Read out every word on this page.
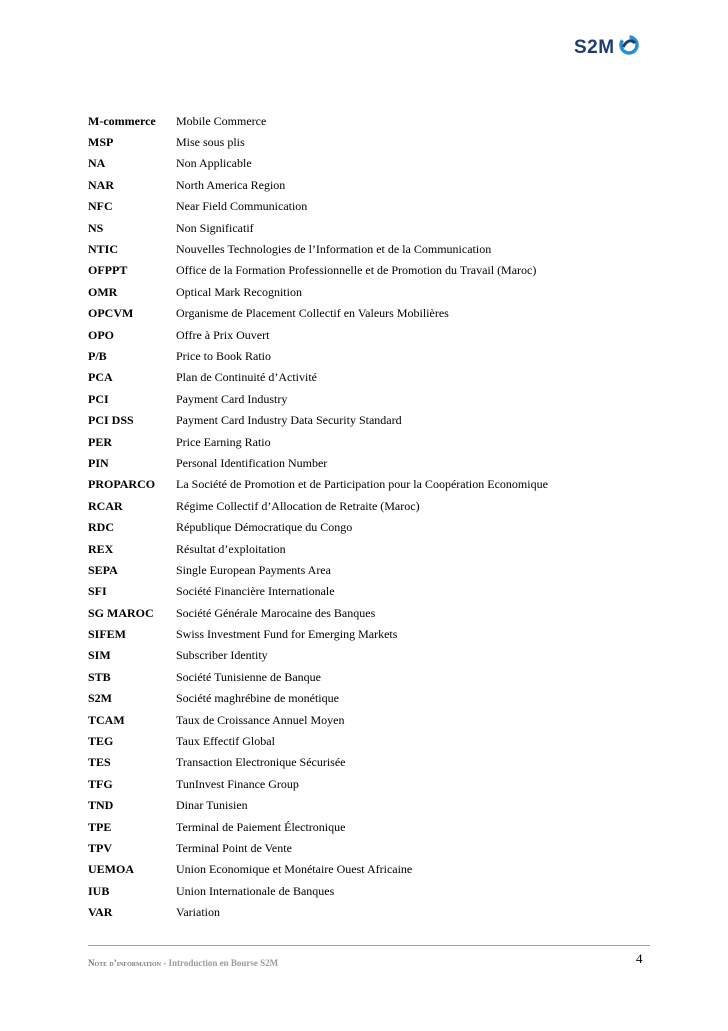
S2M
M-commerce	Mobile Commerce
MSP	Mise sous plis
NA	Non Applicable
NAR	North America Region
NFC	Near Field Communication
NS	Non Significatif
NTIC	Nouvelles Technologies de l’Information et de la Communication
OFPPT	Office de la Formation Professionnelle et de Promotion du Travail (Maroc)
OMR	Optical Mark Recognition
OPCVM	Organisme de Placement Collectif en Valeurs Mobilières
OPO	Offre à Prix Ouvert
P/B	Price to Book Ratio
PCA	Plan de Continuité d’Activité
PCI	Payment Card Industry
PCI DSS	Payment Card Industry Data Security Standard
PER	Price Earning Ratio
PIN	Personal Identification Number
PROPARCO	La Société de Promotion et de Participation pour la Coopération Economique
RCAR	Régime Collectif d’Allocation de Retraite (Maroc)
RDC	République Démocratique du Congo
REX	Résultat d’exploitation
SEPA	Single European Payments Area
SFI	Société Financière Internationale
SG MAROC	Société Générale Marocaine des Banques
SIFEM	Swiss Investment Fund for Emerging Markets
SIM	Subscriber Identity
STB	Société Tunisienne de Banque
S2M	Société maghrébine de monétique
TCAM	Taux de Croissance Annuel Moyen
TEG	Taux Effectif Global
TES	Transaction Electronique Sécurisée
TFG	TunInvest Finance Group
TND	Dinar Tunisien
TPE	Terminal de Paiement Électronique
TPV	Terminal Point de Vente
UEMOA	Union Economique et Monétaire Ouest Africaine
IUB	Union Internationale de Banques
VAR	Variation
4
Note d’information - Introduction en Bourse S2M
